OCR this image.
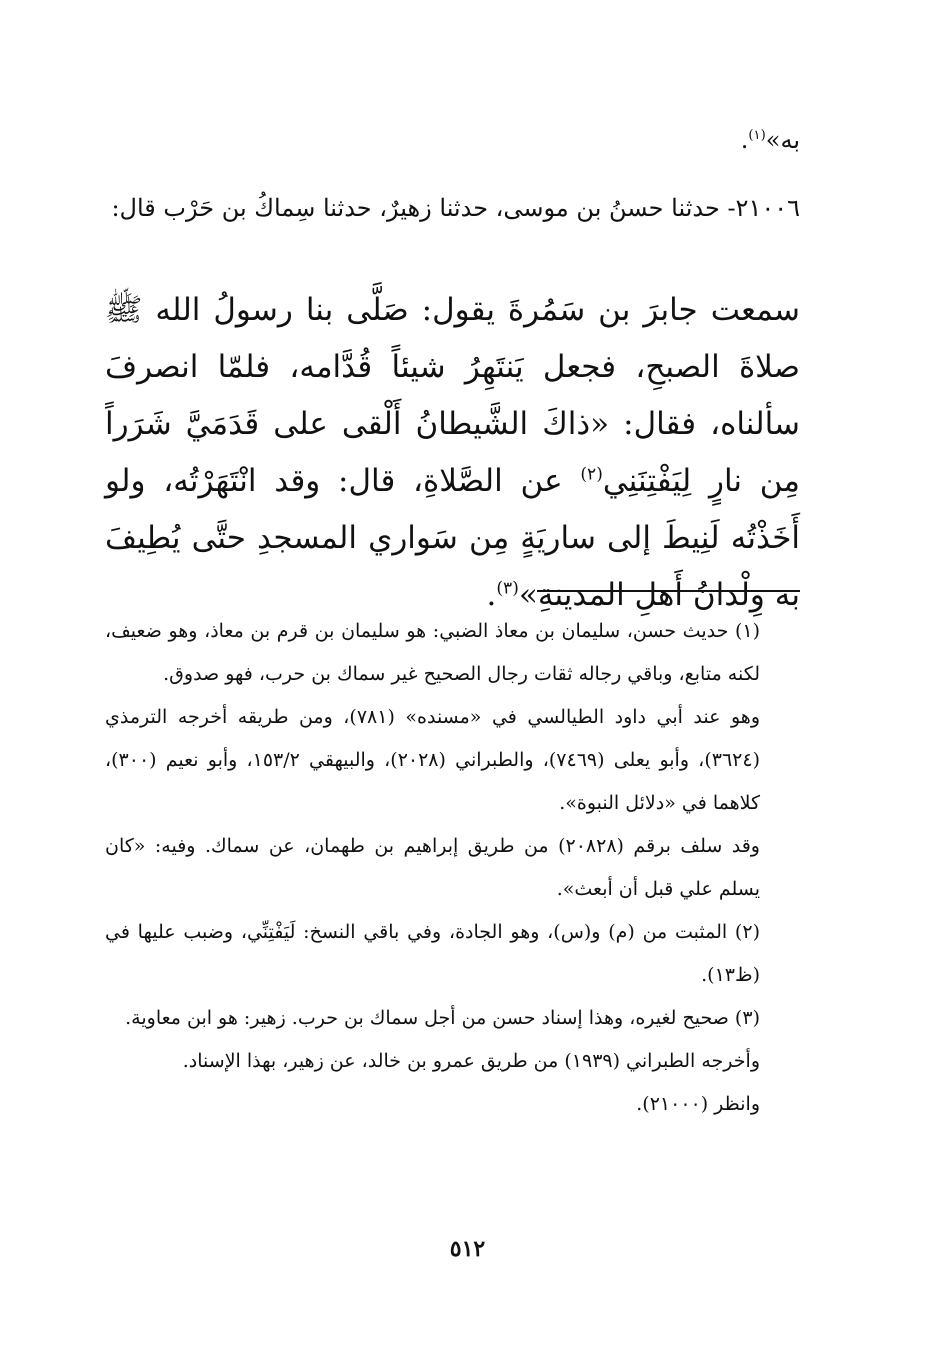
به»$^{(١)}$.

٢١٠٠٦- حدثنا حسنُ بن موسى، حدثنا زهيرٌ، حدثنا سِماكُ بن حَرْب قال:

سمعت جابرَ بن سَمُرةَ يقول: صَلَّى بنا رسولُ الله ﷺ صلاةَ الصبحِ، فجعل يَنتَهِرُ شيئاً قُدَّامه، فلمّا انصرفَ سألناه، فقال: «ذاكَ الشَّيطانُ أَلْقى على قَدَمَيَّ شَرَراً مِن نارٍ لِيَفْتِنَنِي$^{(٢)}$ عن الصَّلاةِ، قال: وقد انْتَهَرْتُه، ولو أَخَذْتُه لَنِيطَ إلى ساريَةٍ مِن سَواري المسجدِ حتَّى يُطِيفَ به وِلْدانُ أَهلِ المدينةِ»$^{(٣)}$.

(١) حديث حسن، سليمان بن معاذ الضبي: هو سليمان بن قرم بن معاذ، وهو ضعيف، لكنه متابع، وباقي رجاله ثقات رجال الصحيح غير سماك بن حرب، فهو صدوق.

وهو عند أبي داود الطيالسي في «مسنده» (٧٨١)، ومن طريقه أخرجه الترمذي (٣٦٢٤)، وأبو يعلى (٧٤٦٩)، والطبراني (٢٠٢٨)، والبيهقي ١٥٣/٢، وأبو نعيم (٣٠٠)، كلاهما في «دلائل النبوة».

وقد سلف برقم (٢٠٨٢٨) من طريق إبراهيم بن طهمان، عن سماك. وفيه: «كان يسلم علي قبل أن أبعث».

(٢) المثبت من (م) و(س)، وهو الجادة، وفي باقي النسخ: لَيَفْتِنِّي، وضبب عليها في (ظ١٣).

(٣) صحيح لغيره، وهذا إسناد حسن من أجل سماك بن حرب. زهير: هو ابن معاوية.

وأخرجه الطبراني (١٩٣٩) من طريق عمرو بن خالد، عن زهير، بهذا الإسناد.

وانظر (٢١٠٠٠).

٥١٢
